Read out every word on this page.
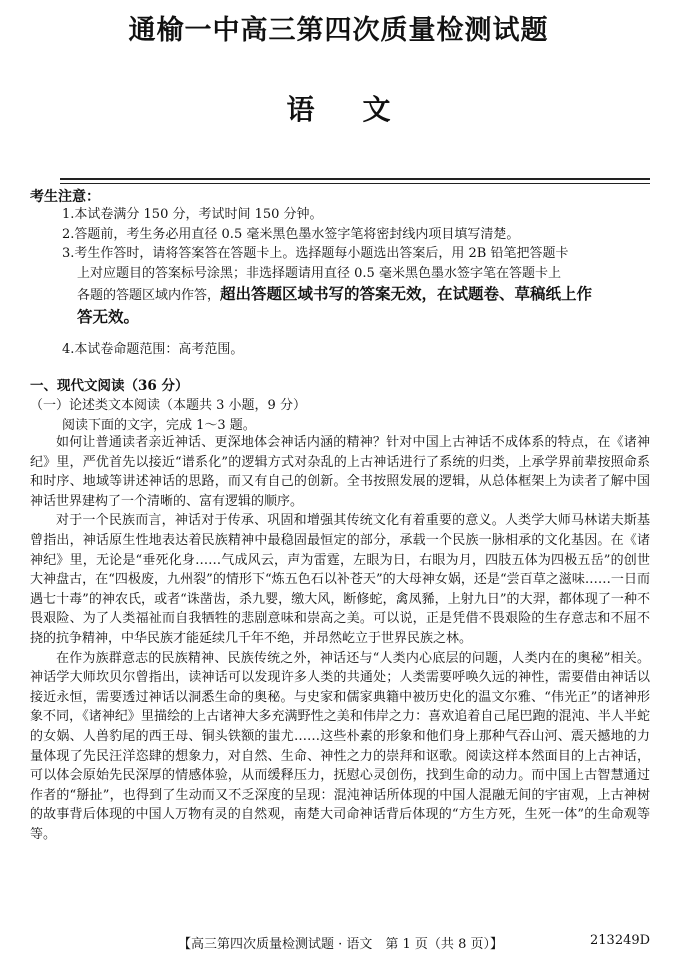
通榆一中高三第四次质量检测试题
语文
考生注意：
1.本试卷满分 150 分，考试时间 150 分钟。
2.答题前，考生务必用直径 0.5 毫米黑色墨水签字笔将密封线内项目填写清楚。
3.考生作答时，请将答案答在答题卡上。选择题每小题选出答案后，用 2B 铅笔把答题卡
上对应题目的答案标号涂黑；非选择题请用直径 0.5 毫米黑色墨水签字笔在答题卡上
各题的答题区域内作答，超出答题区域书写的答案无效，在试题卷、草稿纸上作
答无效。
4.本试卷命题范围：高考范围。
一、现代文阅读（36 分）
（一）论述类文本阅读（本题共 3 小题，9 分）
阅读下面的文字，完成 1～3 题。

如何让普通读者亲近神话、更深地体会神话内涵的精神？针对中国上古神话不成体系的特点，在《诸神纪》里，严优首先以接近“谱系化”的逻辑方式对杂乱的上古神话进行了系统的归类，上承学界前辈按照命系和时序、地域等讲述神话的思路，而又有自己的创新。全书按照发展的逻辑，从总体框架上为读者了解中国神话世界建构了一个清晰的、富有逻辑的顺序。

对于一个民族而言，神话对于传承、巩固和增强其传统文化有着重要的意义。人类学大师马林诺夫斯基曾指出，神话原生性地表达着民族精神中最稳固最恒定的部分，承载一个民族一脉相承的文化基因。在《诸神纪》里，无论是“垂死化身……气成风云，声为雷霆，左眼为日，右眼为月，四肢五体为四极五岳”的创世大神盘古，在“四极废，九州裂”的情形下“炼五色石以补苍天”的大母神女娲，还是“尝百草之滋味……一日而遇七十毒”的神农氏，或者“诛凿齿，杀九婴，缴大风，断修蛇，禽凤豨，上射九日”的大羿，都体现了一种不畏艰险、为了人类福祉而自我牺牲的悲剧意味和崇高之美。可以说，正是凭借不畏艰险的生存意志和不屈不挠的抗争精神，中华民族才能延续几千年不绝，并昂然屹立于世界民族之林。

在作为族群意志的民族精神、民族传统之外，神话还与“人类内心底层的问题，人类内在的奥秘”相关。神话学大师坎贝尔曾指出，读神话可以发现许多人类的共通处；人类需要呼唤久远的神性，需要借由神话以接近永恒，需要透过神话以洞悉生命的奥秘。与史家和儒家典籍中被历史化的温文尔雅、“伟光正”的诸神形象不同，《诸神纪》里描绘的上古诸神大多充满野性之美和伟岸之力：喜欢追着自己尾巴跑的混沌、半人半蛇的女娲、人兽豹尾的西王母、铜头铁额的蚩尤……这些朴素的形象和他们身上那种气吞山河、震天撼地的力量体现了先民汪洋恣肆的想象力，对自然、生命、神性之力的崇拜和讴歌。阅读这样本然面目的上古神话，可以体会原始先民深厚的情感体验，从而缓释压力，抚慰心灵创伤，找到生命的动力。而中国上古智慧通过作者的“掰扯”，也得到了生动而又不乏深度的呈现：混沌神话所体现的中国人混融无间的宇宙观，上古神树的故事背后体现的中国人万物有灵的自然观，南楚大司命神话背后体现的“方生方死，生死一体”的生命观等等。

【高三第四次质量检测试题 · 语文　第 1 页（共 8 页）】	213249D
